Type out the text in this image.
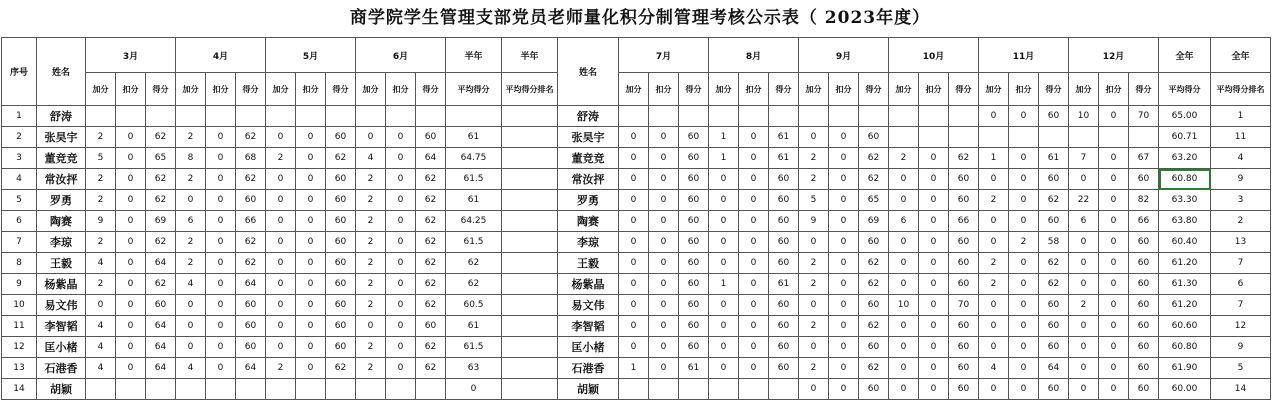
商学院学生管理支部党员老师量化积分制管理考核公示表（ 2023年度）
序号	姓名	3月			4月			5月			6月			半年	半年	姓名	7月			8月			9月			10月			11月			12月			全年	全年
		加分	扣分	得分	加分	扣分	得分	加分	扣分	得分	加分	扣分	得分	平均得分	平均得分排名		加分	扣分	得分	加分	扣分	得分	加分	扣分	得分	加分	扣分	得分	加分	扣分	得分	加分	扣分	得分	平均得分	平均得分排名
1	舒涛															舒涛													0	0	60	10	0	70	65.00	1
2	张昊宇	2	0	62	2	0	62	0	0	60	0	0	60	61		张昊宇	0	0	60	1	0	61	0	0	60										60.71	11
3	董竞竞	5	0	65	8	0	68	2	0	62	4	0	64	64.75		董竞竞	0	0	60	1	0	61	2	0	62	2	0	62	1	0	61	7	0	67	63.20	4
4	常汝抨	2	0	62	2	0	62	0	0	60	2	0	62	61.5		常汝抨	0	0	60	0	0	60	2	0	62	0	0	60	0	0	60	0	0	60	60.80	9
5	罗勇	2	0	62	0	0	60	0	0	60	2	0	62	61		罗勇	0	0	60	0	0	60	5	0	65	0	0	60	2	0	62	22	0	82	63.30	3
6	陶赛	9	0	69	6	0	66	0	0	60	2	0	62	64.25		陶赛	0	0	60	0	0	60	9	0	69	6	0	66	0	0	60	6	0	66	63.80	2
7	李琼	2	0	62	2	0	62	0	0	60	2	0	62	61.5		李琼	0	0	60	0	0	60	0	0	60	0	0	60	0	2	58	0	0	60	60.40	13
8	王毅	4	0	64	2	0	62	0	0	60	2	0	62	62		王毅	0	0	60	0	0	60	2	0	62	0	0	60	2	0	62	0	0	60	61.20	7
9	杨紫晶	2	0	62	4	0	64	0	0	60	2	0	62	62		杨紫晶	0	0	60	1	0	61	2	0	62	0	0	60	2	0	62	0	0	60	61.30	6
10	易文伟	0	0	60	0	0	60	0	0	60	2	0	62	60.5		易文伟	0	0	60	0	0	60	0	0	60	10	0	70	0	0	60	2	0	60	61.20	7
11	李智韬	4	0	64	0	0	60	0	0	60	0	0	60	61		李智韬	0	0	60	0	0	60	2	0	62	0	0	60	0	0	60	0	0	60	60.60	12
12	匡小楮	4	0	64	0	0	60	0	0	60	2	0	62	61.5		匡小楮	0	0	60	0	0	60	0	0	60	0	0	60	0	0	60	0	0	60	60.80	9
13	石港香	4	0	64	4	0	64	2	0	62	2	0	62	63		石港香	1	0	61	0	0	60	2	0	62	0	0	60	4	0	64	0	0	60	61.90	5
14	胡颖													0		胡颖							0	0	60	0	0	60	0	0	60	0	0	60	60.00	14
